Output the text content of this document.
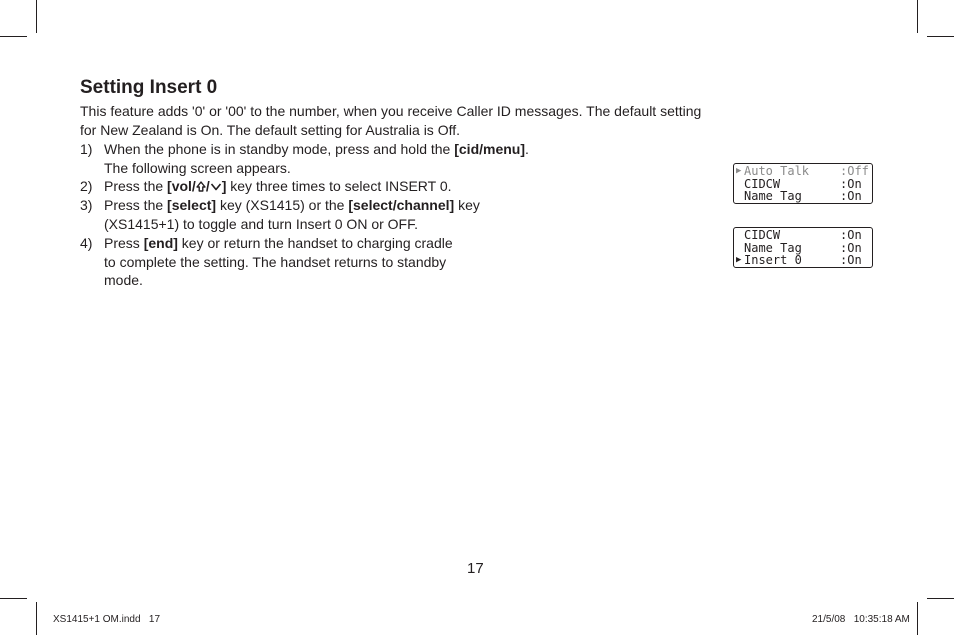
Setting Insert 0
This feature adds '0' or '00' to the number, when you receive Caller ID messages. The default setting
for New Zealand is On. The default setting for Australia is Off.
1) When the phone is in standby mode, press and hold the [cid/menu].
The following screen appears.
2) Press the [vol/ / ] key three times to select INSERT 0.
3) Press the [select] key (XS1415) or the [select/channel] key
(XS1415+1) to toggle and turn Insert 0 ON or OFF.
4) Press [end] key or return the handset to charging cradle
to complete the setting. The handset returns to standby
mode.
▶ Auto Talk	:Off
CIDCW	:On
Name Tag	:On
CIDCW	:On
Name Tag	:On
▶ Insert 0	:On
17
XS1415+1 OM.indd   17	21/5/08   10:35:18 AM
